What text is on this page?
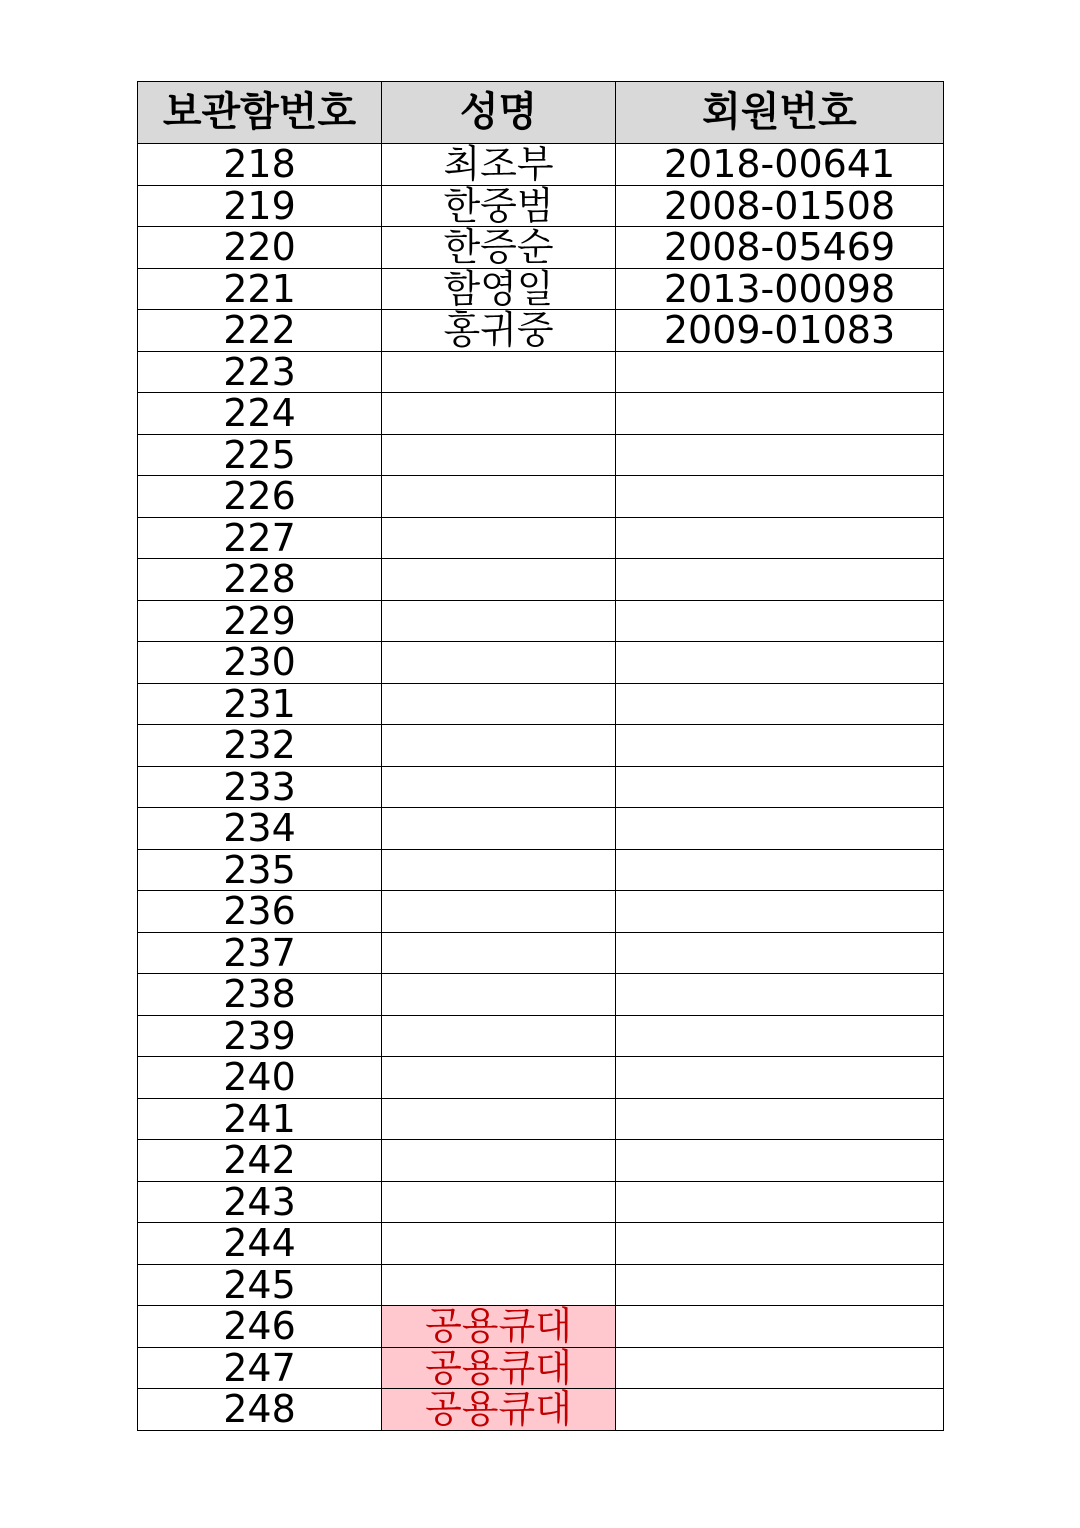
보관함번호	성명	회원번호
218	최조부	2018-00641
219	한중범	2008-01508
220	한증순	2008-05469
221	함영일	2013-00098
222	홍귀중	2009-01083
223		
224		
225		
226		
227		
228		
229		
230		
231		
232		
233		
234		
235		
236		
237		
238		
239		
240		
241		
242		
243		
244		
245		
246	공용큐대	
247	공용큐대	
248	공용큐대	
